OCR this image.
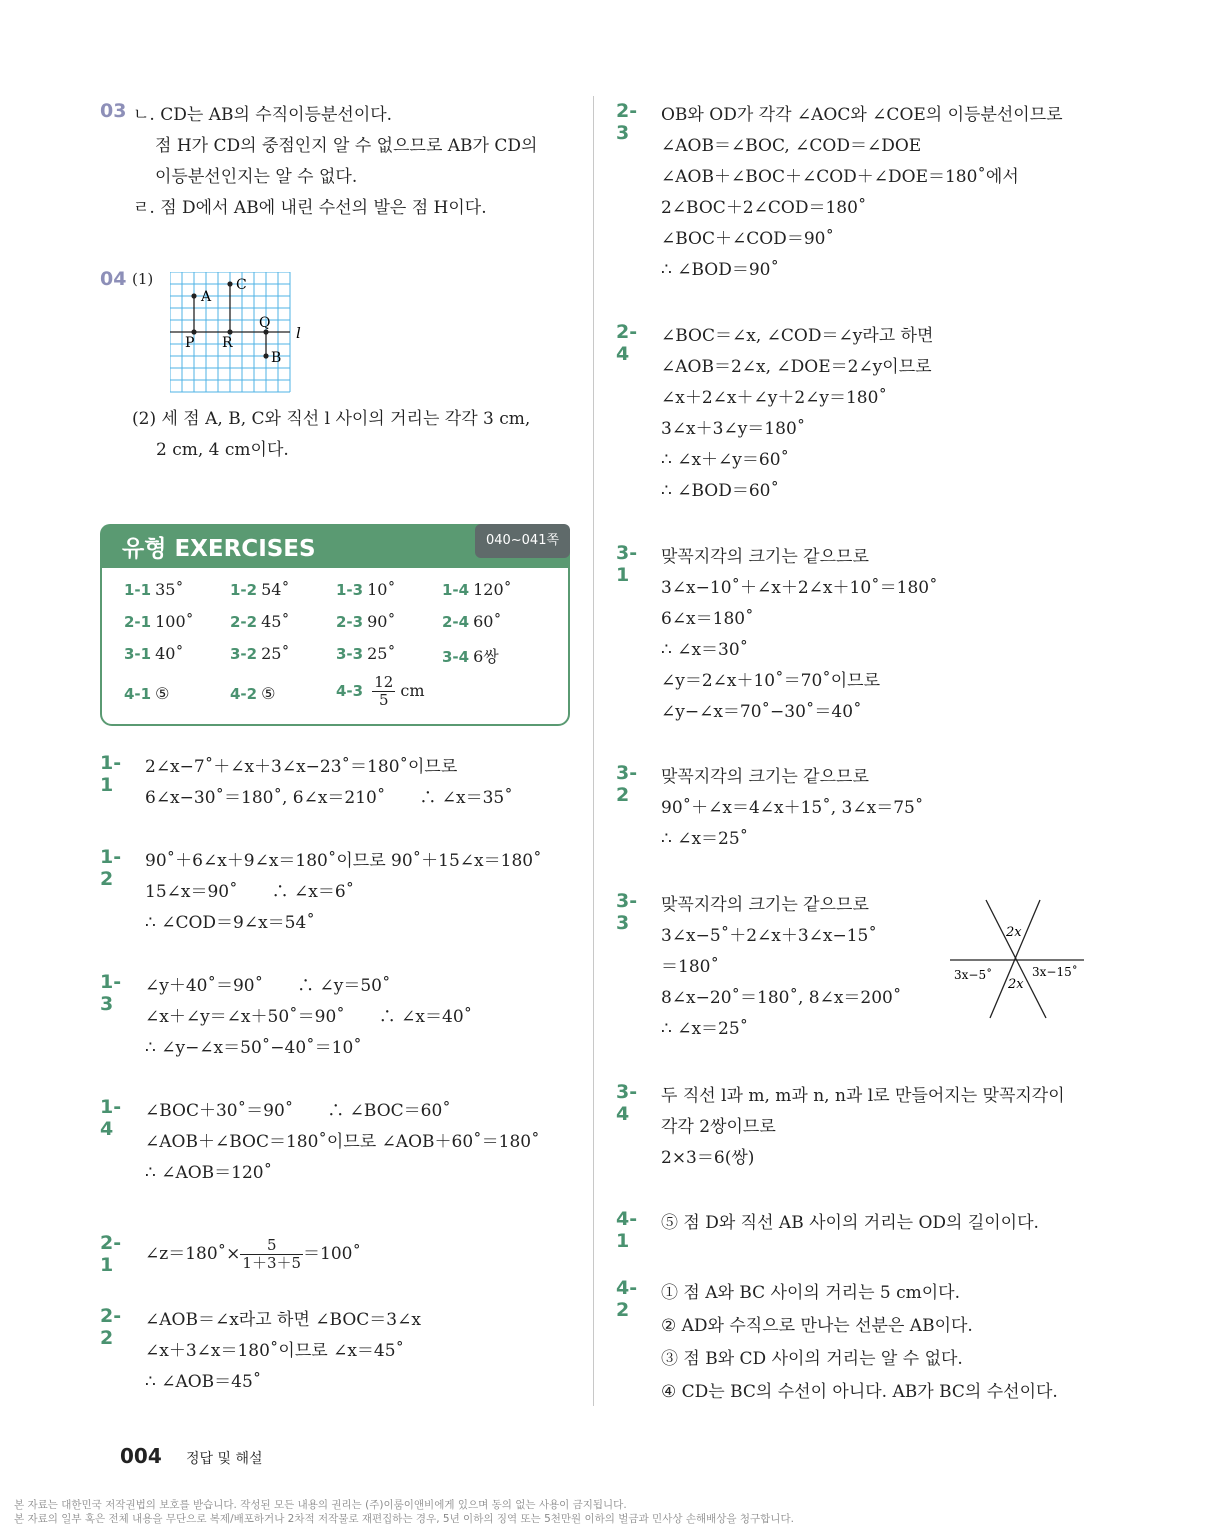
03 ㄴ. CD는 AB의 수직이등분선이다.
점 H가 CD의 중점인지 알 수 없으므로 AB가 CD의
이등분선인지는 알 수 없다.
ㄹ. 점 D에서 AB에 내린 수선의 발은 점 H이다.
04 (1)
A
C
Q
l
P R
B
(2) 세 점 A, B, C와 직선 l 사이의 거리는 각각 3 cm,
2 cm, 4 cm이다.
1-1 35˚	1-2 54˚	1-3 10˚	1-4 120˚
2-1 100˚ 2-2 45˚	2-3 90˚	2-4 60˚
3-1 40˚	3-2 25˚	3-3 25˚	3-4 6쌍
4-1 ⑤	4-2 ⑤	$4-3 \frac{12}{5}$ cm
유형 EXERCISES	040~041쪽
1-1
2∠x−7˚＋∠x＋3∠x−23˚＝180˚이므로
6∠x−30˚＝180˚, 6∠x＝210˚　　∴ ∠x＝35˚
1-2
90˚＋6∠x＋9∠x＝180˚이므로 90˚＋15∠x＝180˚
15∠x＝90˚　　∴ ∠x＝6˚
∴ ∠COD＝9∠x＝54˚
1-3
∠y＋40˚＝90˚　　∴ ∠y＝50˚
∠x＋∠y＝∠x＋50˚＝90˚　　∴ ∠x＝40˚
∴ ∠y−∠x＝50˚−40˚＝10˚
1-4
∠BOC＋30˚＝90˚　　∴ ∠BOC＝60˚
∠AOB＋∠BOC＝180˚이므로 ∠AOB＋60˚＝180˚
∴ ∠AOB＝120˚
2-1	∠z＝180˚× $\frac{5}{1+3+5}$ ＝100˚
2-2
∠AOB＝∠x라고 하면 ∠BOC＝3∠x
∠x＋3∠x＝180˚이므로 ∠x＝45˚
∴ ∠AOB＝45˚
2-3
OB와 OD가 각각 ∠AOC와 ∠COE의 이등분선이므로
∠AOB＝∠BOC, ∠COD＝∠DOE
∠AOB＋∠BOC＋∠COD＋∠DOE＝180˚에서
2∠BOC＋2∠COD＝180˚
∠BOC＋∠COD＝90˚
∴ ∠BOD＝90˚
2-4
∠BOC＝∠x, ∠COD＝∠y라고 하면
∠AOB＝2∠x, ∠DOE＝2∠y이므로
∠x＋2∠x＋∠y＋2∠y＝180˚
3∠x＋3∠y＝180˚
∴ ∠x＋∠y＝60˚
∴ ∠BOD＝60˚
3-1
맞꼭지각의 크기는 같으므로
3∠x−10˚＋∠x＋2∠x＋10˚＝180˚
6∠x＝180˚
∴ ∠x＝30˚
∠y＝2∠x＋10˚＝70˚이므로
∠y−∠x＝70˚−30˚＝40˚
3-2
맞꼭지각의 크기는 같으므로
90˚＋∠x＝4∠x＋15˚, 3∠x＝75˚
∴ ∠x＝25˚
3-3
맞꼭지각의 크기는 같으므로
3∠x−5˚＋2∠x＋3∠x−15˚
＝180˚
8∠x−20˚＝180˚, 8∠x＝200˚
∴ ∠x＝25˚
2x
2x
3x−5˚	3x−15˚
3-4
두 직선 l과 m, m과 n, n과 l로 만들어지는 맞꼭지각이
각각 2쌍이므로
2×3＝6(쌍)
4-1
⑤ 점 D와 직선 AB 사이의 거리는 OD의 길이이다.
4-2
① 점 A와 BC 사이의 거리는 5 cm이다.
② AD와 수직으로 만나는 선분은 AB이다.
③ 점 B와 CD 사이의 거리는 알 수 없다.
④ CD는 BC의 수선이 아니다. AB가 BC의 수선이다.
004 정답 및 해설
본 자료는 대한민국 저작권법의 보호를 받습니다. 작성된 모든 내용의 권리는 (주)이룸이앤비에게 있으며 동의 없는 사용이 금지됩니다.
본 자료의 일부 혹은 전체 내용을 무단으로 복제/배포하거나 2차적 저작물로 재편집하는 경우, 5년 이하의 징역 또는 5천만원 이하의 벌금과 민사상 손해배상을 청구합니다.
